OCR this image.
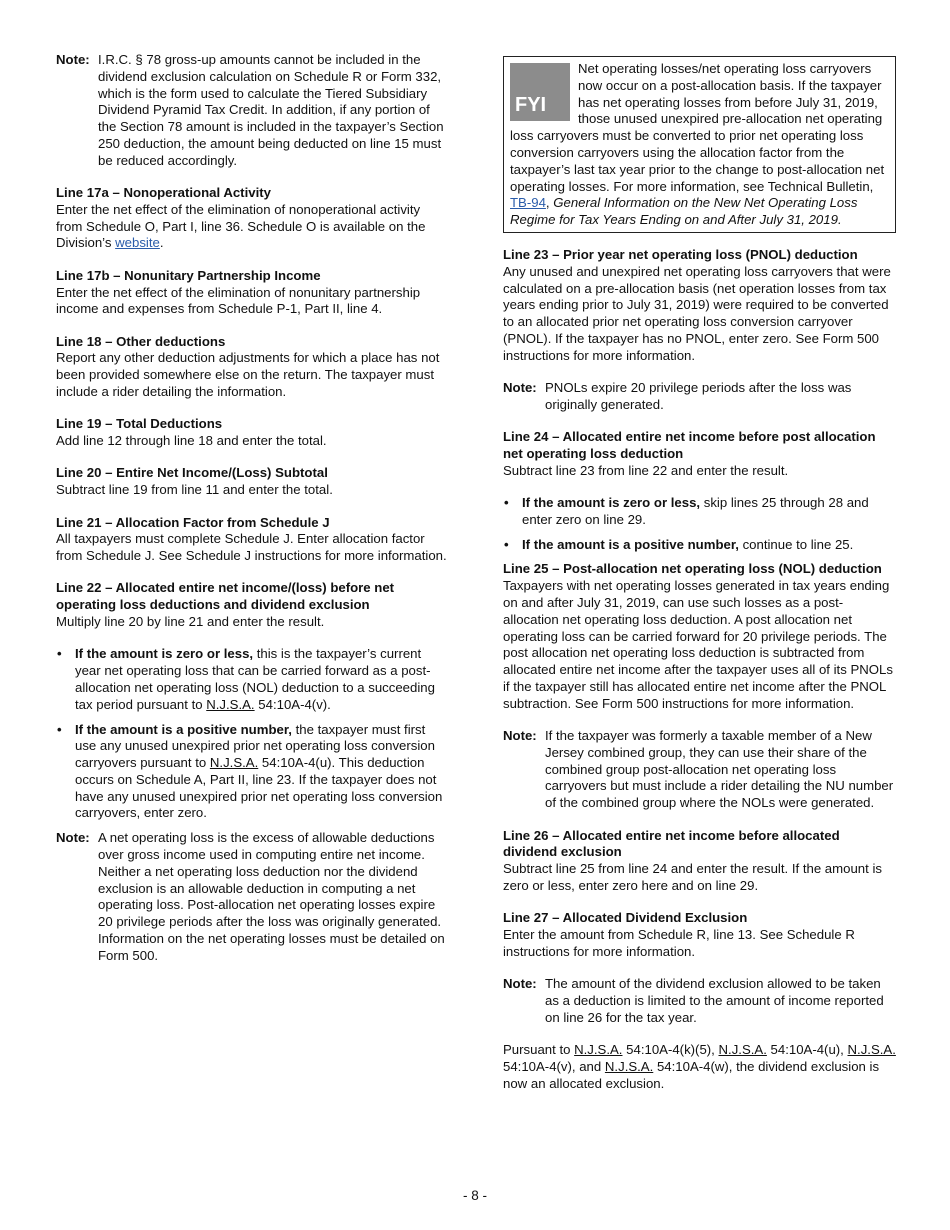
Note: I.R.C. § 78 gross-up amounts cannot be included in the dividend exclusion calculation on Schedule R or Form 332, which is the form used to calculate the Tiered Subsidiary Dividend Pyramid Tax Credit. In addition, if any portion of the Section 78 amount is included in the taxpayer’s Section 250 deduction, the amount being deducted on line 15 must be reduced accordingly.
Line 17a – Nonoperational Activity
Enter the net effect of the elimination of nonoperational activity from Schedule O, Part I, line 36. Schedule O is available on the Division’s website.
Line 17b – Nonunitary Partnership Income
Enter the net effect of the elimination of nonunitary partnership income and expenses from Schedule P-1, Part II, line 4.
Line 18 – Other deductions
Report any other deduction adjustments for which a place has not been provided somewhere else on the return. The taxpayer must include a rider detailing the information.
Line 19 – Total Deductions
Add line 12 through line 18 and enter the total.
Line 20 – Entire Net Income/(Loss) Subtotal
Subtract line 19 from line 11 and enter the total.
Line 21 – Allocation Factor from Schedule J
All taxpayers must complete Schedule J. Enter allocation factor from Schedule J. See Schedule J instructions for more information.
Line 22 – Allocated entire net income/(loss) before net operating loss deductions and dividend exclusion
Multiply line 20 by line 21 and enter the result.
• If the amount is zero or less, this is the taxpayer’s current year net operating loss that can be carried forward as a post-allocation net operating loss (NOL) deduction to a succeeding tax period pursuant to N.J.S.A. 54:10A-4(v).
• If the amount is a positive number, the taxpayer must first use any unused unexpired prior net operating loss conversion carryovers pursuant to N.J.S.A. 54:10A-4(u). This deduction occurs on Schedule A, Part II, line 23. If the taxpayer does not have any unused unexpired prior net operating loss conversion carryovers, enter zero.
Note: A net operating loss is the excess of allowable deductions over gross income used in computing entire net income. Neither a net operating loss deduction nor the dividend exclusion is an allowable deduction in computing a net operating loss. Post-allocation net operating losses expire 20 privilege periods after the loss was originally generated. Information on the net operating losses must be detailed on Form 500.
FYI
Net operating losses/net operating loss carryovers now occur on a post-allocation basis. If the taxpayer has net operating losses from before July 31, 2019, those unused unexpired pre-allocation net operating loss carryovers must be converted to prior net operating loss conversion carryovers using the allocation factor from the taxpayer’s last tax year prior to the change to post-allocation net operating losses. For more information, see Technical Bulletin, TB-94, General Information on the New Net Operating Loss Regime for Tax Years Ending on and After July 31, 2019.
Line 23 – Prior year net operating loss (PNOL) deduction
Any unused and unexpired net operating loss carryovers that were calculated on a pre-allocation basis (net operation losses from tax years ending prior to July 31, 2019) were required to be converted to an allocated prior net operating loss conversion carryover (PNOL). If the taxpayer has no PNOL, enter zero. See Form 500 instructions for more information.
Note: PNOLs expire 20 privilege periods after the loss was originally generated.
Line 24 – Allocated entire net income before post allocation net operating loss deduction
Subtract line 23 from line 22 and enter the result.
• If the amount is zero or less, skip lines 25 through 28 and enter zero on line 29.
• If the amount is a positive number, continue to line 25.
Line 25 – Post-allocation net operating loss (NOL) deduction
Taxpayers with net operating losses generated in tax years ending on and after July 31, 2019, can use such losses as a post-allocation net operating loss deduction. A post allocation net operating loss can be carried forward for 20 privilege periods. The post allocation net operating loss deduction is subtracted from allocated entire net income after the taxpayer uses all of its PNOLs if the taxpayer still has allocated entire net income after the PNOL subtraction. See Form 500 instructions for more information.
Note: If the taxpayer was formerly a taxable member of a New Jersey combined group, they can use their share of the combined group post-allocation net operating loss carryovers but must include a rider detailing the NU number of the combined group where the NOLs were generated.
Line 26 – Allocated entire net income before allocated dividend exclusion
Subtract line 25 from line 24 and enter the result. If the amount is zero or less, enter zero here and on line 29.
Line 27 – Allocated Dividend Exclusion
Enter the amount from Schedule R, line 13. See Schedule R instructions for more information.
Note: The amount of the dividend exclusion allowed to be taken as a deduction is limited to the amount of income reported on line 26 for the tax year.
Pursuant to N.J.S.A. 54:10A-4(k)(5), N.J.S.A. 54:10A-4(u), N.J.S.A. 54:10A-4(v), and N.J.S.A. 54:10A-4(w), the dividend exclusion is now an allocated exclusion.
- 8 -
